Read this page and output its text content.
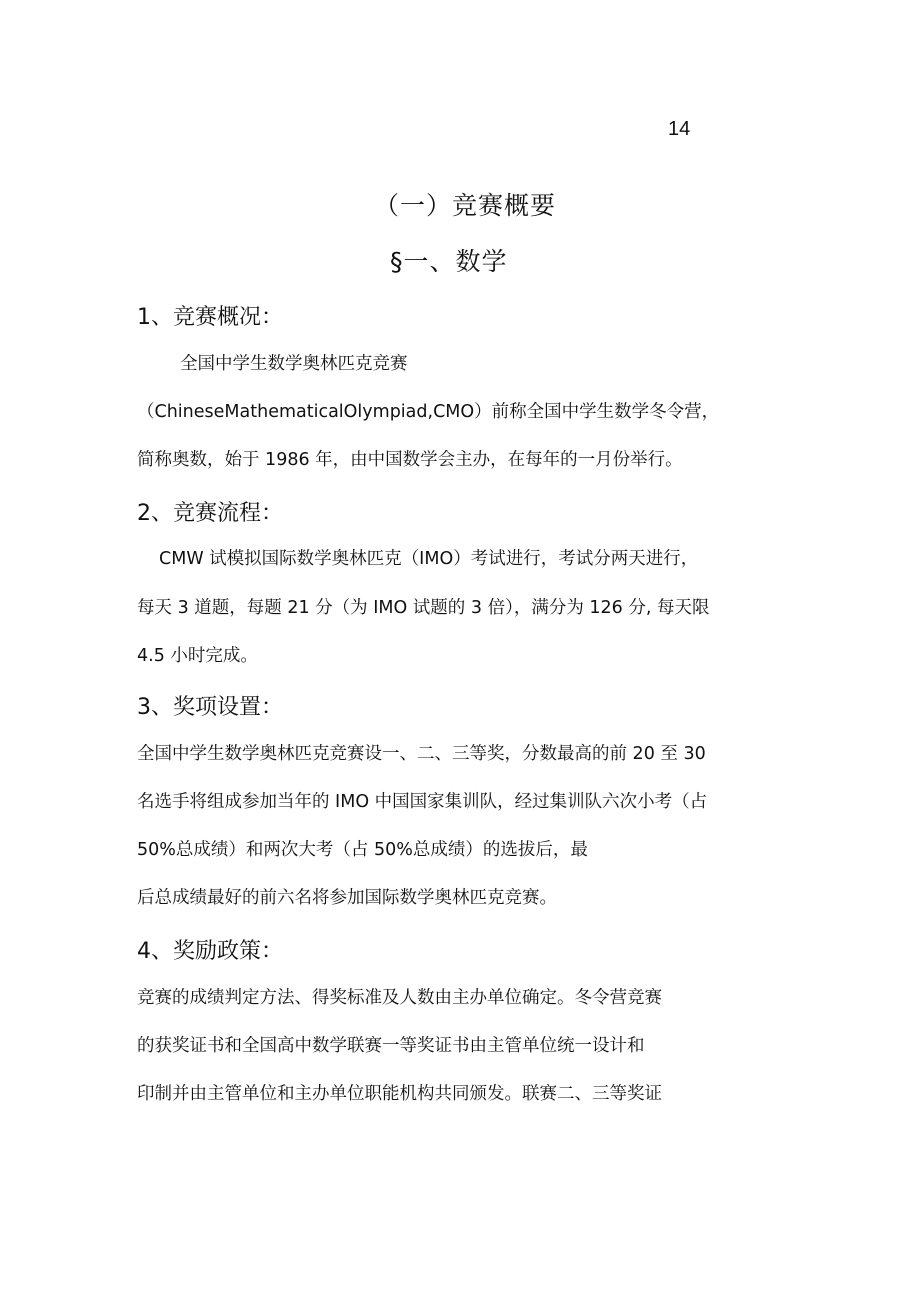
14
（一）竞赛概要
§一、数学
1、竞赛概况：
全国中学生数学奥林匹克竞赛
（ChineseMathematicalOlympiad,CMO）前称全国中学生数学冬令营，
简称奥数，始于 1986 年，由中国数学会主办，在每年的一月份举行。
2、竞赛流程：
CMW 试模拟国际数学奥林匹克（IMO）考试进行，考试分两天进行，
每天 3 道题，每题 21 分（为 IMO 试题的 3 倍），满分为 126 分, 每天限
4.5 小时完成。
3、奖项设置：
全国中学生数学奥林匹克竞赛设一、二、三等奖，分数最高的前 20 至 30
名选手将组成参加当年的 IMO 中国国家集训队，经过集训队六次小考（占
50%总成绩）和两次大考（占 50%总成绩）的选拔后，最
后总成绩最好的前六名将参加国际数学奥林匹克竞赛。
4、奖励政策：
竞赛的成绩判定方法、得奖标准及人数由主办单位确定。冬令营竞赛
的获奖证书和全国高中数学联赛一等奖证书由主管单位统一设计和
印制并由主管单位和主办单位职能机构共同颁发。联赛二、三等奖证
